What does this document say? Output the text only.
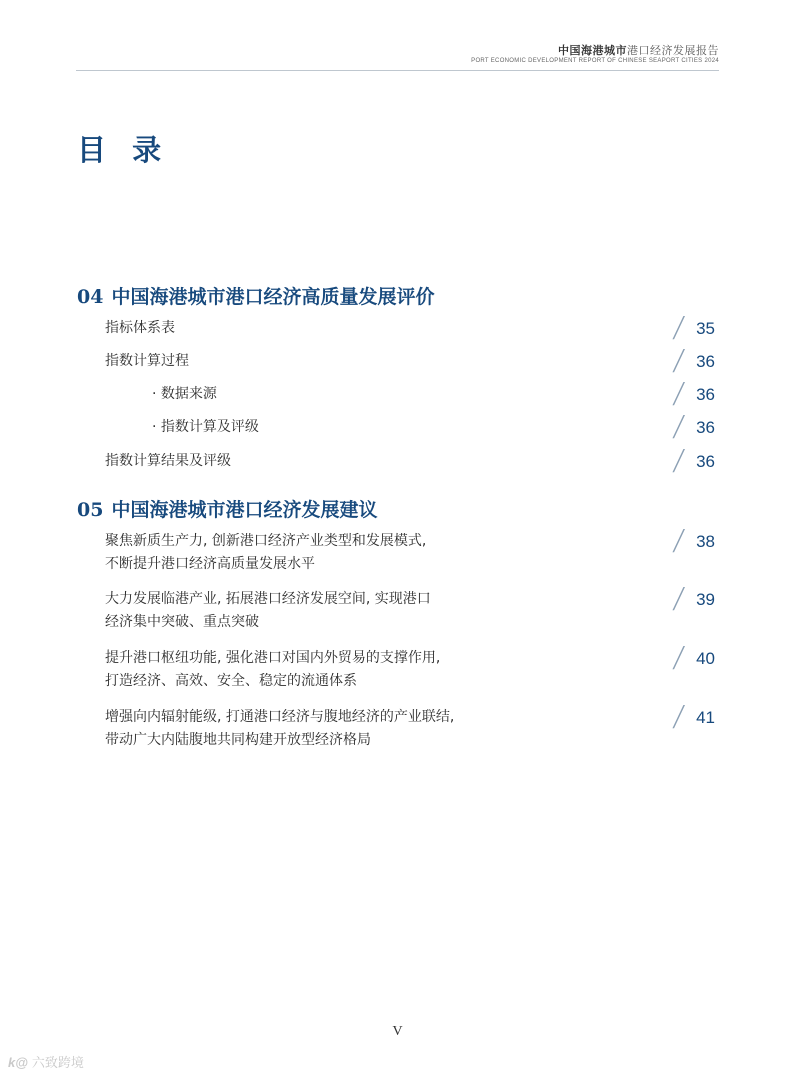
中国海港城市港口经济发展报告
PORT ECONOMIC DEVELOPMENT REPORT OF CHINESE SEAPORT CITIES 2024
目 录
04 中国海港城市港口经济高质量发展评价
指标体系表	╱ 35
指数计算过程	╱ 36
· 数据来源	╱ 36
· 指数计算及评级	╱ 36
指数计算结果及评级	╱ 36
05 中国海港城市港口经济发展建议
聚焦新质生产力, 创新港口经济产业类型和发展模式,
不断提升港口经济高质量发展水平
╱ 38
大力发展临港产业, 拓展港口经济发展空间, 实现港口
经济集中突破、重点突破
╱ 39
提升港口枢纽功能, 强化港口对国内外贸易的支撑作用,
打造经济、高效、安全、稳定的流通体系
╱ 40
增强向内辐射能级, 打通港口经济与腹地经济的产业联结,
带动广大内陆腹地共同构建开放型经济格局
╱ 41
V
k@ 六致跨境
